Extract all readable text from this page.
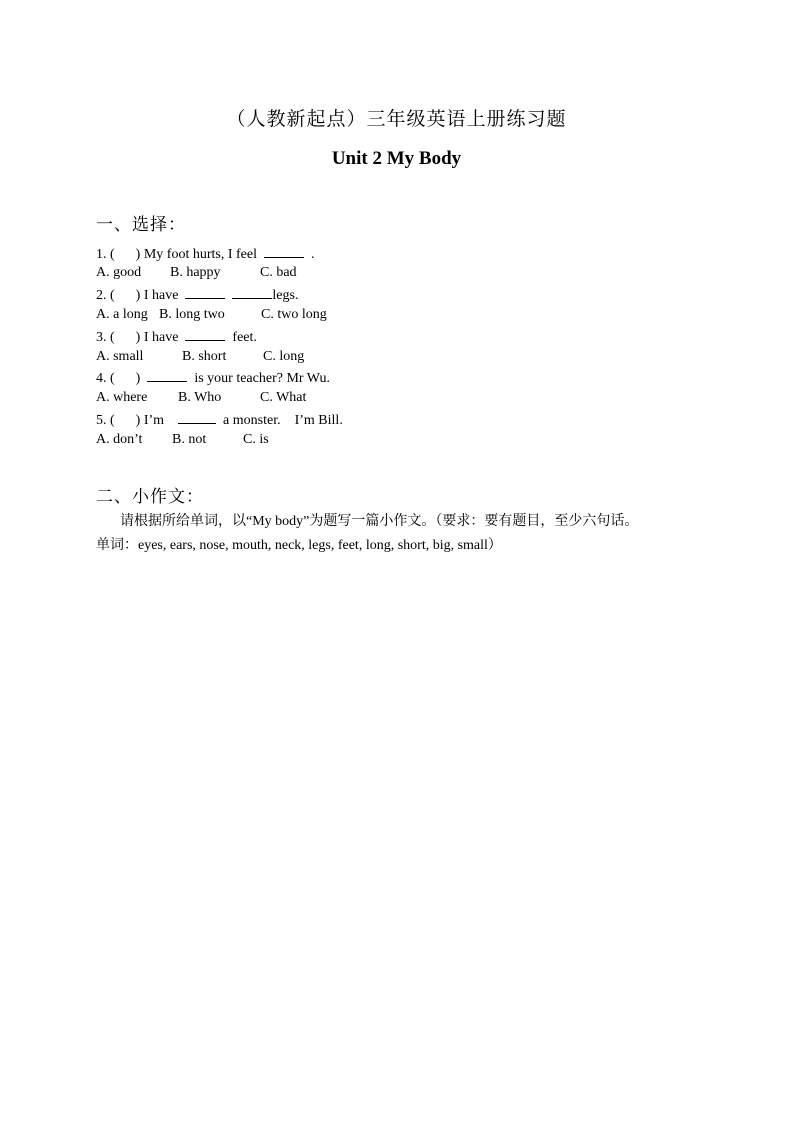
（人教新起点）三年级英语上册练习题
Unit 2 My Body
一、选择：
1. (      ) My foot hurts, I feel	.
A. good B. happy	C. bad
2. (      ) I have	legs.
A. a long B. long two	C. two long
3. (      ) I have	feet.
A. small	B. short	C. long
4. (      )	is your teacher? Mr Wu.
A. where B. Who	C. What
5. (      ) I’m	a monster.    I’m Bill.
A. don’t B. not	C. is
二、小作文：
请根据所给单词，以“My body”为题写一篇小作文。（要求：要有题目，至少六句话。
单词：eyes, ears, nose, mouth, neck, legs, feet, long, short, big, small）
